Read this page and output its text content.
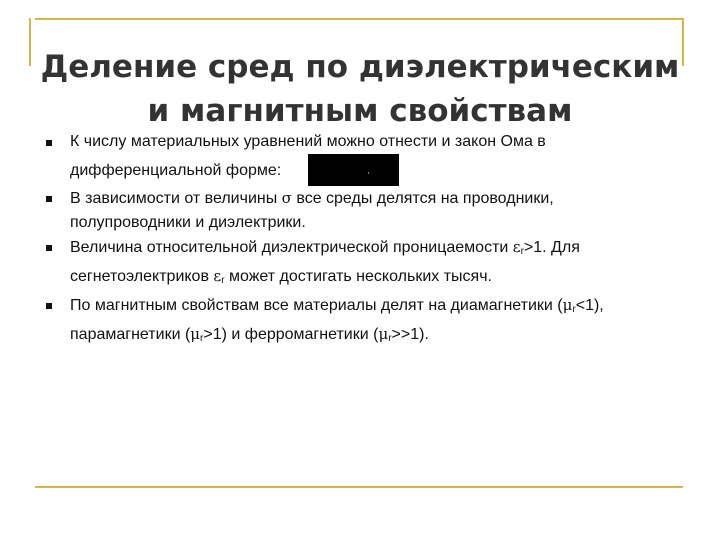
Деление сред по диэлектрическим
и магнитным свойствам
К числу материальных уравнений можно отнести и закон Ома в дифференциальной форме:
В зависимости от величины σ все среды делятся на проводники, полупроводники и диэлектрики.
Величина относительной диэлектрической проницаемости $\varepsilon_r>1$. Для сегнетоэлектриков $\varepsilon_r$ может достигать нескольких тысяч.
По магнитным свойствам все материалы делят на диамагнетики $(\mu_r<1)$, парамагнетики $(\mu_r>1)$ и ферромагнетики $(\mu_r>>1)$.
